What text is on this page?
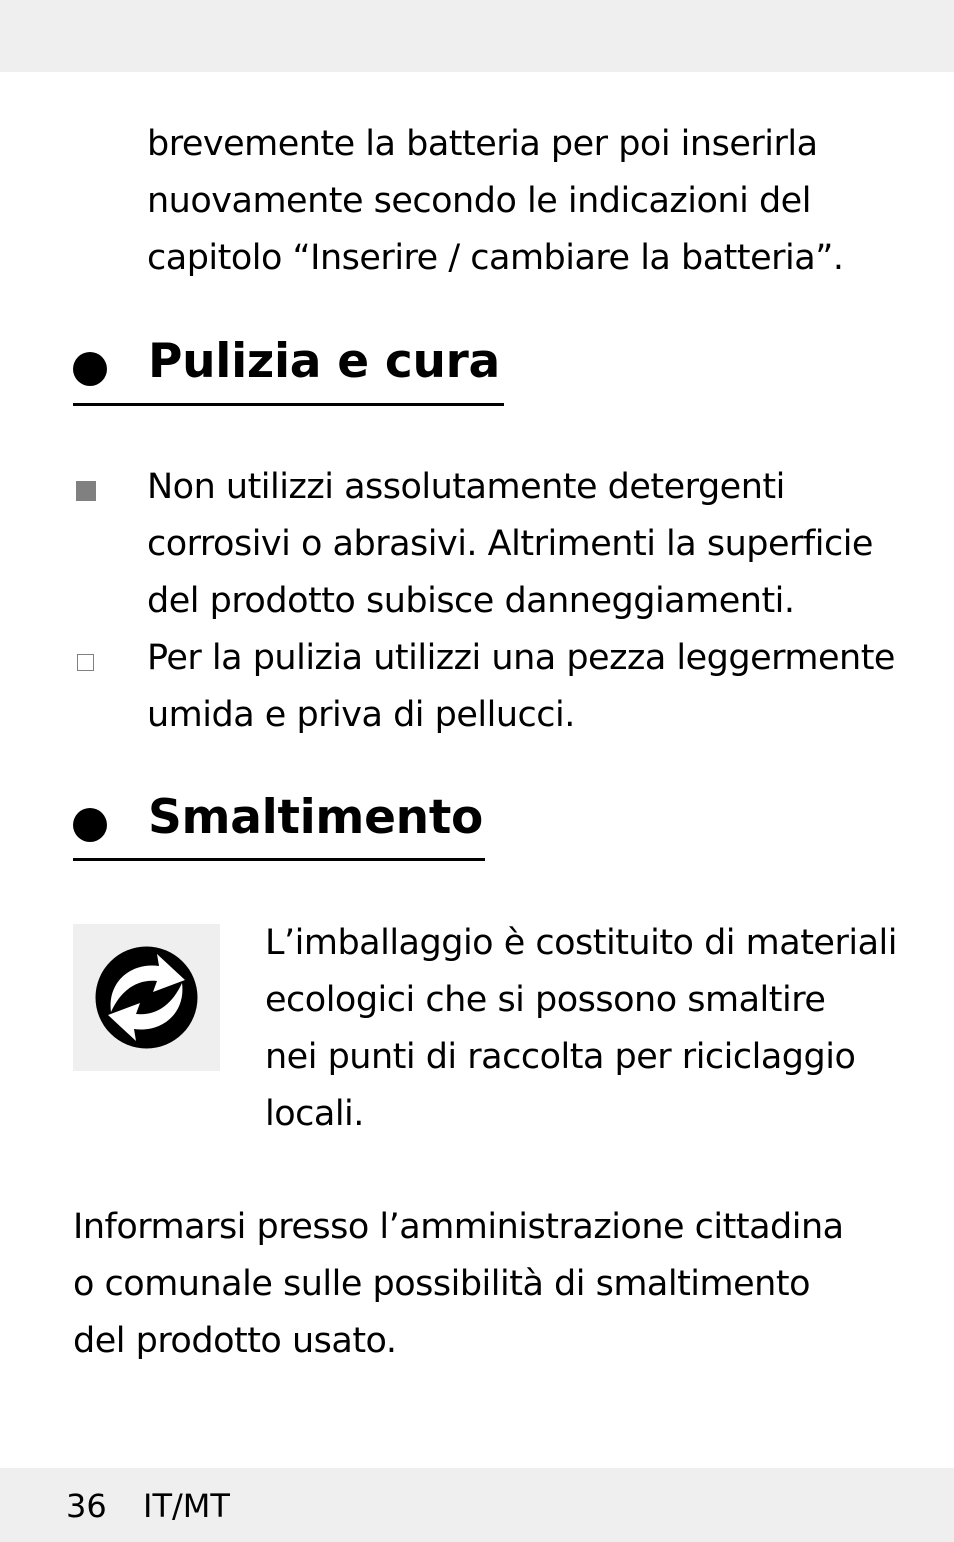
brevemente la batteria per poi inserirla
nuovamente secondo le indicazioni del
capitolo “Inserire / cambiare la batteria”.
Pulizia e cura
Non utilizzi assolutamente detergenti
corrosivi o abrasivi. Altrimenti la superficie
del prodotto subisce danneggiamenti.
Per la pulizia utilizzi una pezza leggermente
umida e priva di pellucci.
Smaltimento
L’imballaggio è costituito di materiali
ecologici che si possono smaltire
nei punti di raccolta per riciclaggio
locali.
Informarsi presso l’amministrazione cittadina
o comunale sulle possibilità di smaltimento
del prodotto usato.
36 IT/MT
